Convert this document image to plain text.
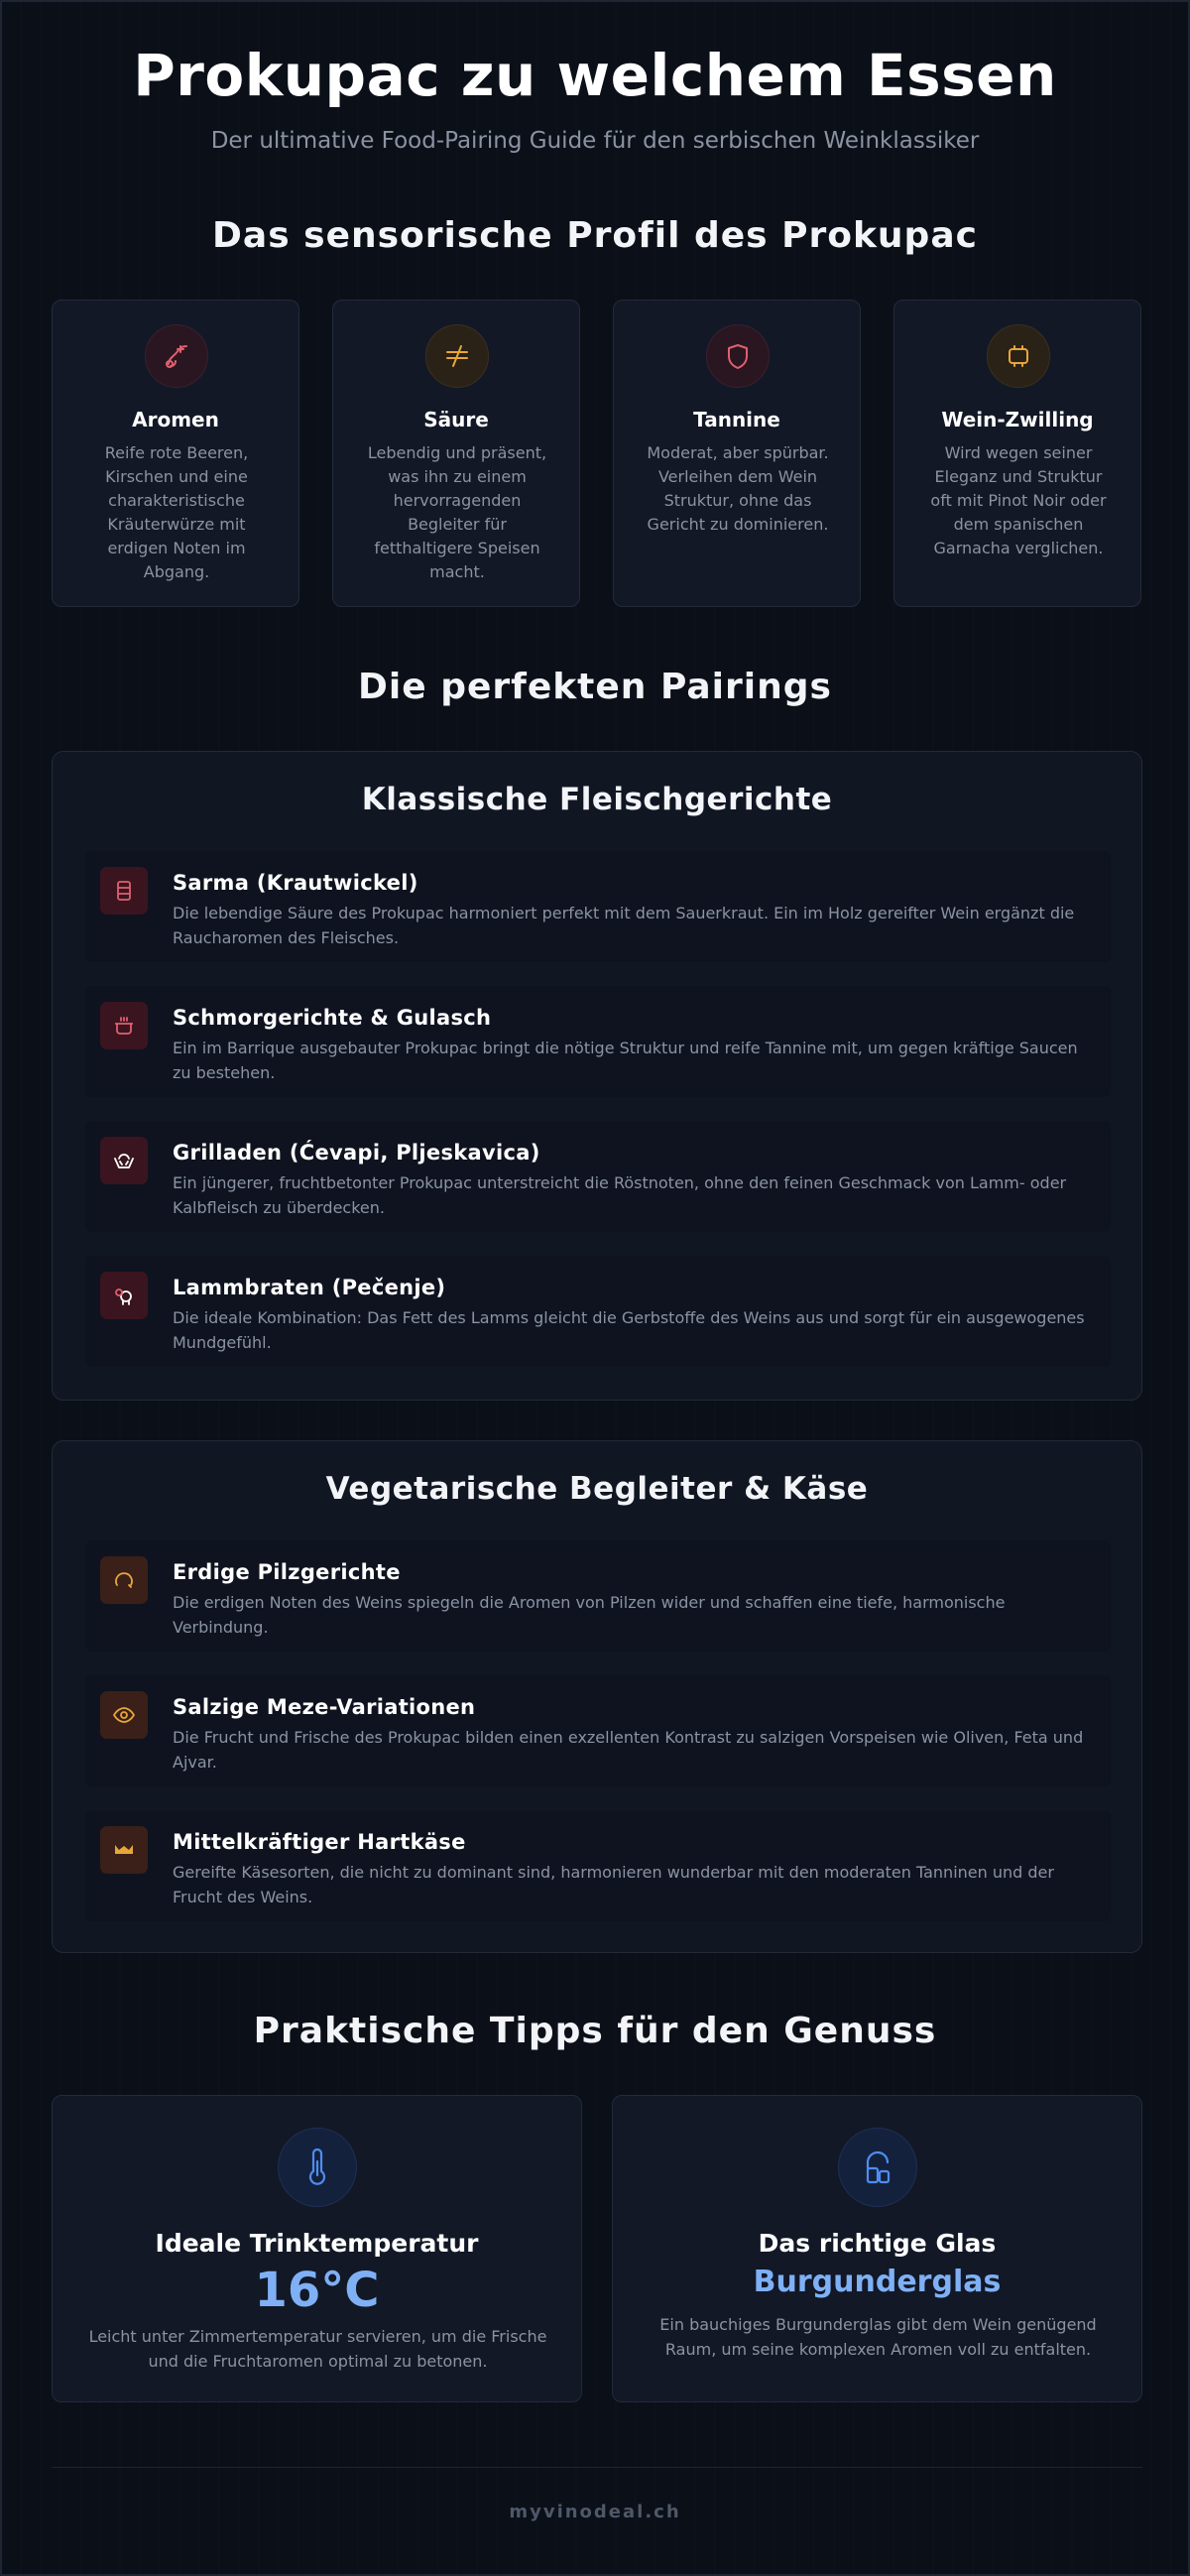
Prokupac zu welchem Essen
Der ultimative Food-Pairing Guide für den serbischen Weinklassiker
Das sensorische Profil des Prokupac
Aromen
Reife rote Beeren, Kirschen und eine charakteristische Kräuterwürze mit erdigen Noten im Abgang.
Säure
Lebendig und präsent, was ihn zu einem hervorragenden Begleiter für fetthaltigere Speisen macht.
Tannine
Moderat, aber spürbar. Verleihen dem Wein Struktur, ohne das Gericht zu dominieren.
Wein-Zwilling
Wird wegen seiner Eleganz und Struktur oft mit Pinot Noir oder dem spanischen Garnacha verglichen.
Die perfekten Pairings
Klassische Fleischgerichte
Sarma (Krautwickel)
Die lebendige Säure des Prokupac harmoniert perfekt mit dem Sauerkraut. Ein im Holz gereifter Wein ergänzt die Raucharomen des Fleisches.
Schmorgerichte & Gulasch
Ein im Barrique ausgebauter Prokupac bringt die nötige Struktur und reife Tannine mit, um gegen kräftige Saucen zu bestehen.
Grilladen (Ćevapi, Pljeskavica)
Ein jüngerer, fruchtbetonter Prokupac unterstreicht die Röstnoten, ohne den feinen Geschmack von Lamm- oder Kalbfleisch zu überdecken.
Lammbraten (Pečenje)
Die ideale Kombination: Das Fett des Lamms gleicht die Gerbstoffe des Weins aus und sorgt für ein ausgewogenes Mundgefühl.
Vegetarische Begleiter & Käse
Erdige Pilzgerichte
Die erdigen Noten des Weins spiegeln die Aromen von Pilzen wider und schaffen eine tiefe, harmonische Verbindung.
Salzige Meze-Variationen
Die Frucht und Frische des Prokupac bilden einen exzellenten Kontrast zu salzigen Vorspeisen wie Oliven, Feta und Ajvar.
Mittelkräftiger Hartkäse
Gereifte Käsesorten, die nicht zu dominant sind, harmonieren wunderbar mit den moderaten Tanninen und der Frucht des Weins.
Praktische Tipps für den Genuss
Ideale Trinktemperatur
16°C
Leicht unter Zimmertemperatur servieren, um die Frische und die Fruchtaromen optimal zu betonen.
Das richtige Glas
Burgunderglas
Ein bauchiges Burgunderglas gibt dem Wein genügend Raum, um seine komplexen Aromen voll zu entfalten.
myvinodeal.ch
